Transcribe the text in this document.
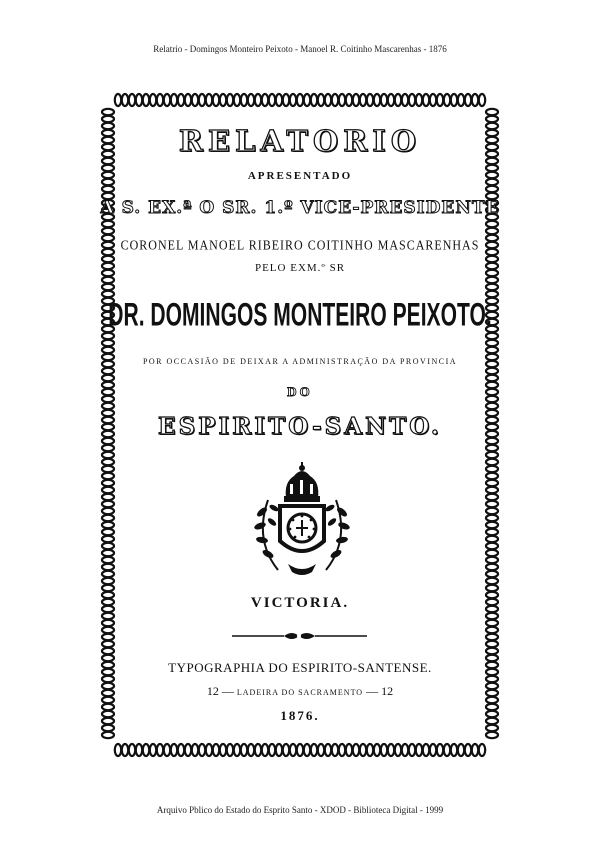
Relatrio - Domingos Monteiro Peixoto - Manoel R. Coitinho Mascarenhas - 1876
RELATORIO
APRESENTADO
A S. EX.ª O SR. 1.º VICE-PRESIDENTE
CORONEL MANOEL RIBEIRO COITINHO MASCARENHAS
PELO EXM.º SR
DR. DOMINGOS MONTEIRO PEIXOTO.
POR OCCASIÃO DE DEIXAR A ADMINISTRAÇÃO DA PROVINCIA
DO
ESPIRITO-SANTO.
VICTORIA.
TYPOGRAPHIA DO ESPIRITO-SANTENSE.
12 — LADEIRA DO SACRAMENTO — 12
1876.
Arquivo Pblico do Estado do Esprito Santo - XDOD - Biblioteca Digital - 1999
